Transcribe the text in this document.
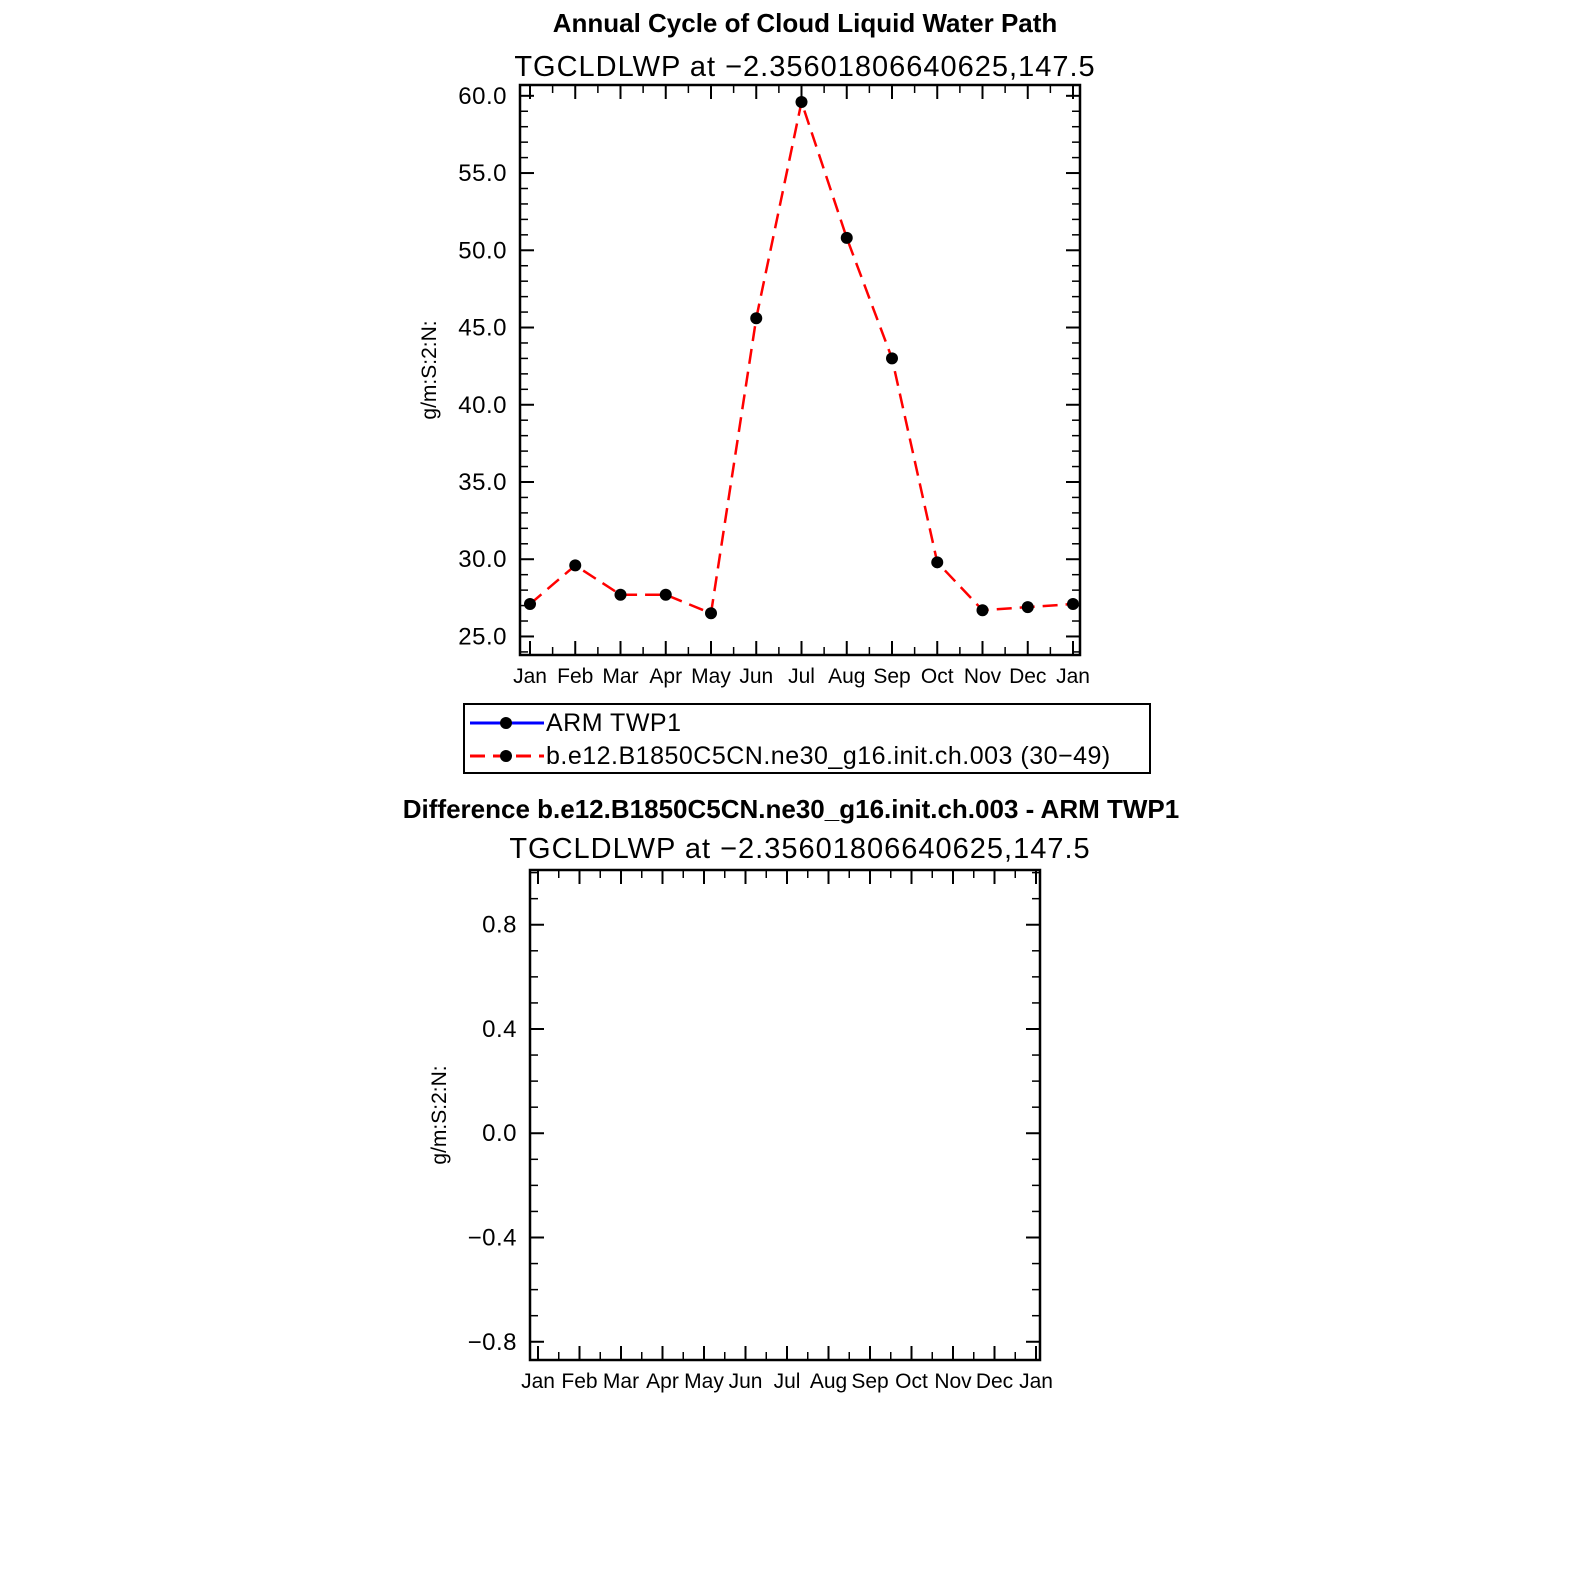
Annual Cycle of Cloud Liquid Water Path
TGCLDLWP at −2.35601806640625,147.5
25.0
30.0
35.0
40.0
45.0
50.0
55.0
60.0
Jan Feb Mar Apr May Jun Jul Aug Sep Oct Nov Dec Jan
g/m:S:2:N:
ARM TWP1
b.e12.B1850C5CN.ne30_g16.init.ch.003 (30−49)
Difference b.e12.B1850C5CN.ne30_g16.init.ch.003 - ARM TWP1
TGCLDLWP at −2.35601806640625,147.5
−0.8
−0.4
0.0
0.4
0.8
Jan Feb Mar Apr May Jun Jul Aug Sep Oct Nov Dec Jan
g/m:S:2:N:
